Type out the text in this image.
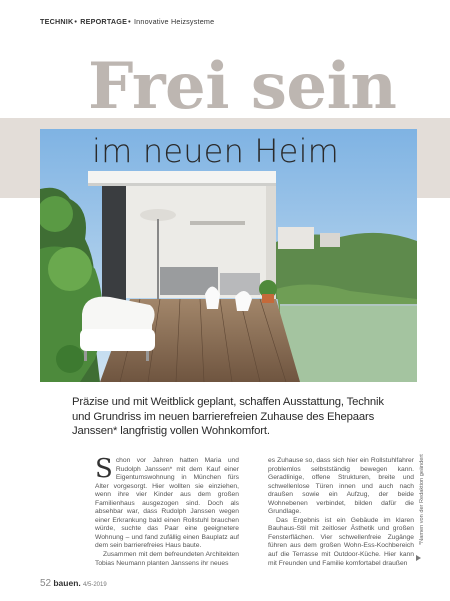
TECHNIK• REPORTAGE• Innovative Heizsysteme
Frei sein
im neuen Heim

Präzise und mit Weitblick geplant, schaffen Ausstattung, Technik und Grundriss im neuen barrierefreien Zuhause des Ehepaars Janssen* langfristig vollen Wohnkomfort.

Schon vor Jahren hatten Maria und Rudolph Janssen* mit dem Kauf einer Eigentumswohnung in München fürs Alter vorgesorgt. Hier wollten sie einziehen, wenn ihre vier Kinder aus dem großen Familienhaus ausgezogen sind. Doch als absehbar war, dass Rudolph Janssen wegen einer Erkrankung bald einen Rollstuhl brauchen würde, suchte das Paar eine geeignetere Wohnung – und fand zufällig einen Bauplatz auf dem sein barrierefreies Haus baute.

Zusammen mit dem befreundeten Architekten Tobias Neumann planten Janssens ihr neues

es Zuhause so, dass sich hier ein Rollstuhlfahrer problemlos selbstständig bewegen kann. Geradlinige, offene Strukturen, breite und schwellenlose Türen innen und auch nach draußen sowie ein Aufzug, der beide Wohnebenen verbindet, bilden dafür die Grundlage.

Das Ergebnis ist ein Gebäude im klaren Bauhaus-Stil mit zeitloser Ästhetik und großen Fensterflächen. Vier schwellenfreie Zugänge führen aus dem großen Wohn-Ess-Kochbereich auf die Terrasse mit Outdoor-Küche. Hier kann mit Freunden und Familie komfortabel draußen

*Namen von der Redaktion geändert
52 bauen. 4/5-2019
